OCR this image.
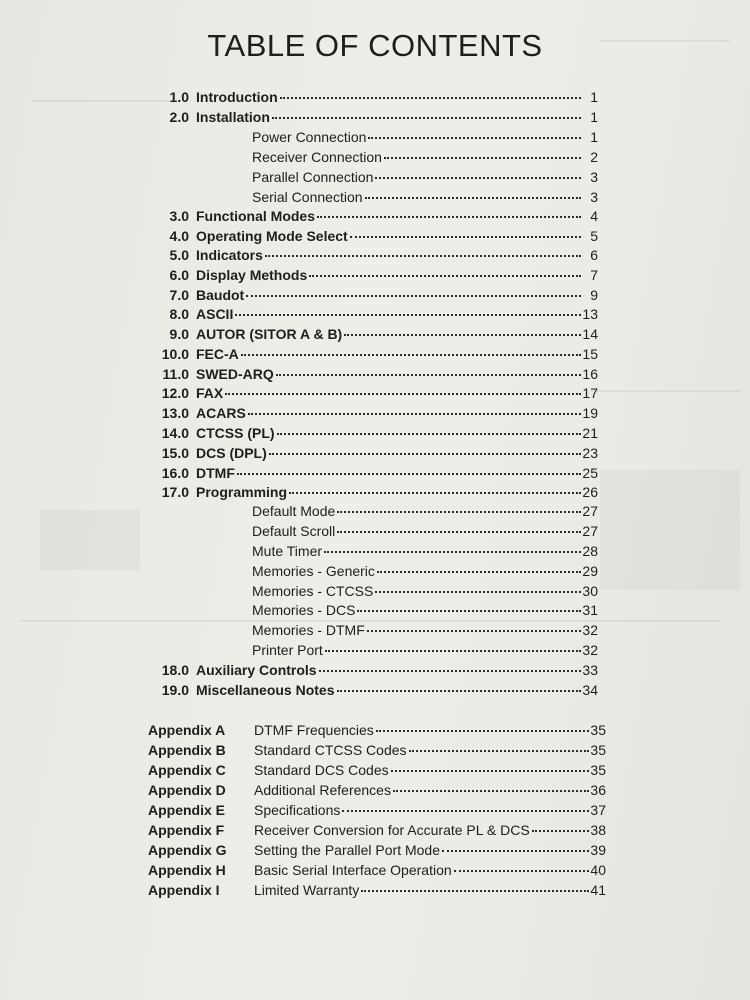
TABLE OF CONTENTS
1.0 Introduction	1
2.0 Installation	1
Power Connection	1
Receiver Connection	2
Parallel Connection	3
Serial Connection	3
3.0 Functional Modes	4
4.0 Operating Mode Select	5
5.0 Indicators	6
6.0 Display Methods	7
7.0 Baudot	9
8.0 ASCII	13
9.0 AUTOR (SITOR A & B)	14
10.0 FEC-A	15
11.0 SWED-ARQ	16
12.0 FAX	17
13.0 ACARS	19
14.0 CTCSS (PL)	21
15.0 DCS (DPL)	23
16.0 DTMF	25
17.0 Programming	26
Default Mode	27
Default Scroll	27
Mute Timer	28
Memories - Generic	29
Memories - CTCSS	30
Memories - DCS	31
Memories - DTMF	32
Printer Port	32
18.0 Auxiliary Controls	33
19.0 Miscellaneous Notes	34
Appendix A	DTMF Frequencies	35
Appendix B	Standard CTCSS Codes	35
Appendix C	Standard DCS Codes	35
Appendix D	Additional References	36
Appendix E	Specifications	37
Appendix F	Receiver Conversion for Accurate PL & DCS	38
Appendix G	Setting the Parallel Port Mode	39
Appendix H	Basic Serial Interface Operation	40
Appendix I	Limited Warranty	41
